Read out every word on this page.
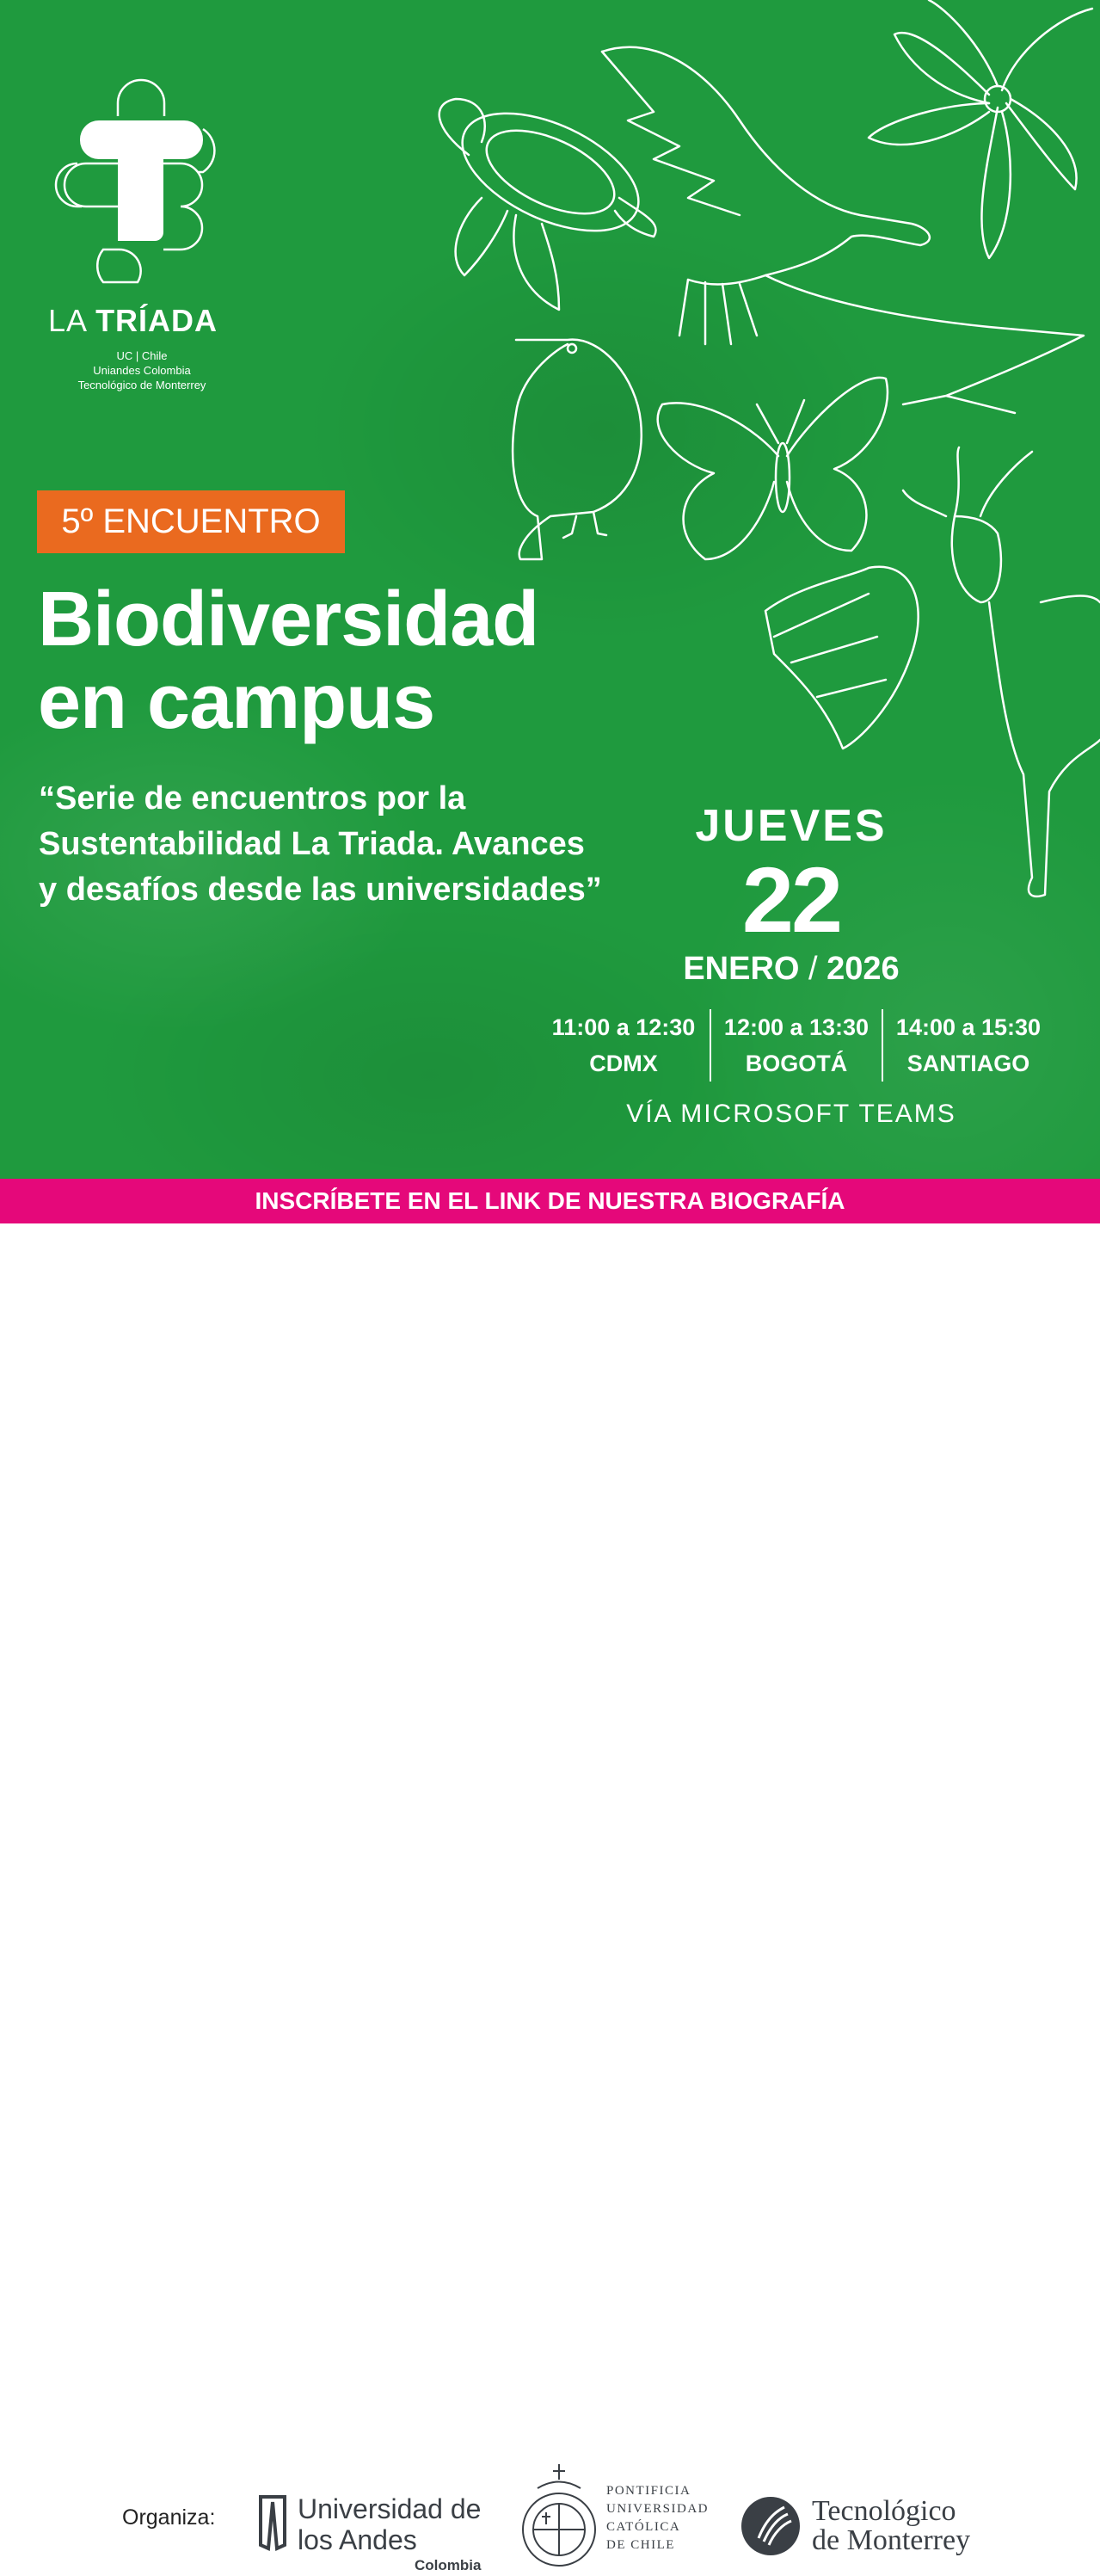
LA TRÍADA
UC | Chile
Uniandes Colombia
Tecnológico de Monterrey
5º ENCUENTRO
Biodiversidad
en campus
“Serie de encuentros por la Sustentabilidad La Triada. Avances y desafíos desde las universidades”
JUEVES
22
ENERO / 2026
11:00 a 12:30
CDMX
12:00 a 13:30
BOGOTÁ
14:00 a 15:30
SANTIAGO
VÍA MICROSOFT TEAMS
INSCRÍBETE EN EL LINK DE NUESTRA BIOGRAFÍA
Organiza:	Universidad de
los Andes
Colombia
PONTIFICIA
UNIVERSIDAD
CATÓLICA
DE CHILE
Tecnológico
de Monterrey
